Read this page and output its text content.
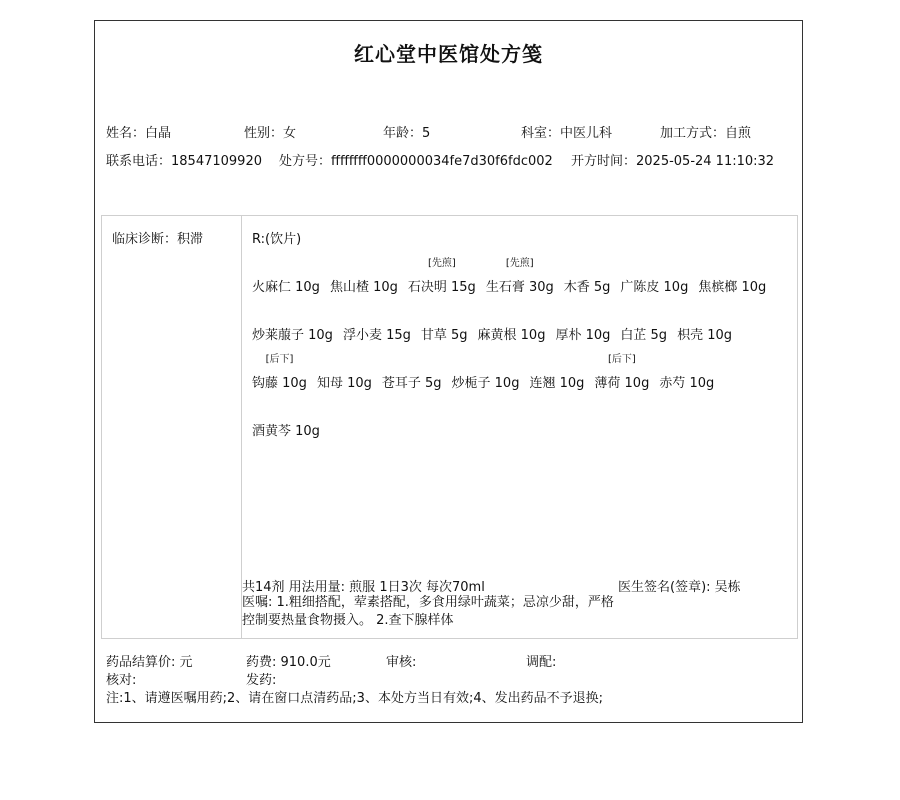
红心堂中医馆处方笺
姓名：白晶	性别：女	年龄：5	科室：中医儿科	加工方式：自煎
联系电话：18547109920 处方号：ffffffff0000000034fe7d30f6fdc002 开方时间：2025-05-24 11:10:32
临床诊断：积滞	R:(饮片)
火麻仁 10g 焦山楂 10g 石决明 15g
[先煎]
生石膏 30g
[先煎]
木香 5g 广陈皮 10g 焦槟榔 10g
炒莱菔子 10g 浮小麦 15g 甘草 5g 麻黄根 10g 厚朴 10g 白芷 5g 枳壳 10g
钩藤 10g
[后下]
知母 10g 苍耳子 5g 炒栀子 10g 连翘 10g 薄荷 10g
[后下]
赤芍 10g
酒黄芩 10g
共14剂 用法用量: 煎服 1日3次 每次70ml
医嘱: 1.粗细搭配，荤素搭配，多食用绿叶蔬菜；忌凉少甜，严格控制要热量食物摄入。 2.查下腺样体
医生签名(签章): 吴栋
药品结算价: 元	药费: 910.0元	审核:	调配:
核对:	发药:
注:1、请遵医嘱用药;2、请在窗口点清药品;3、本处方当日有效;4、发出药品不予退换;
